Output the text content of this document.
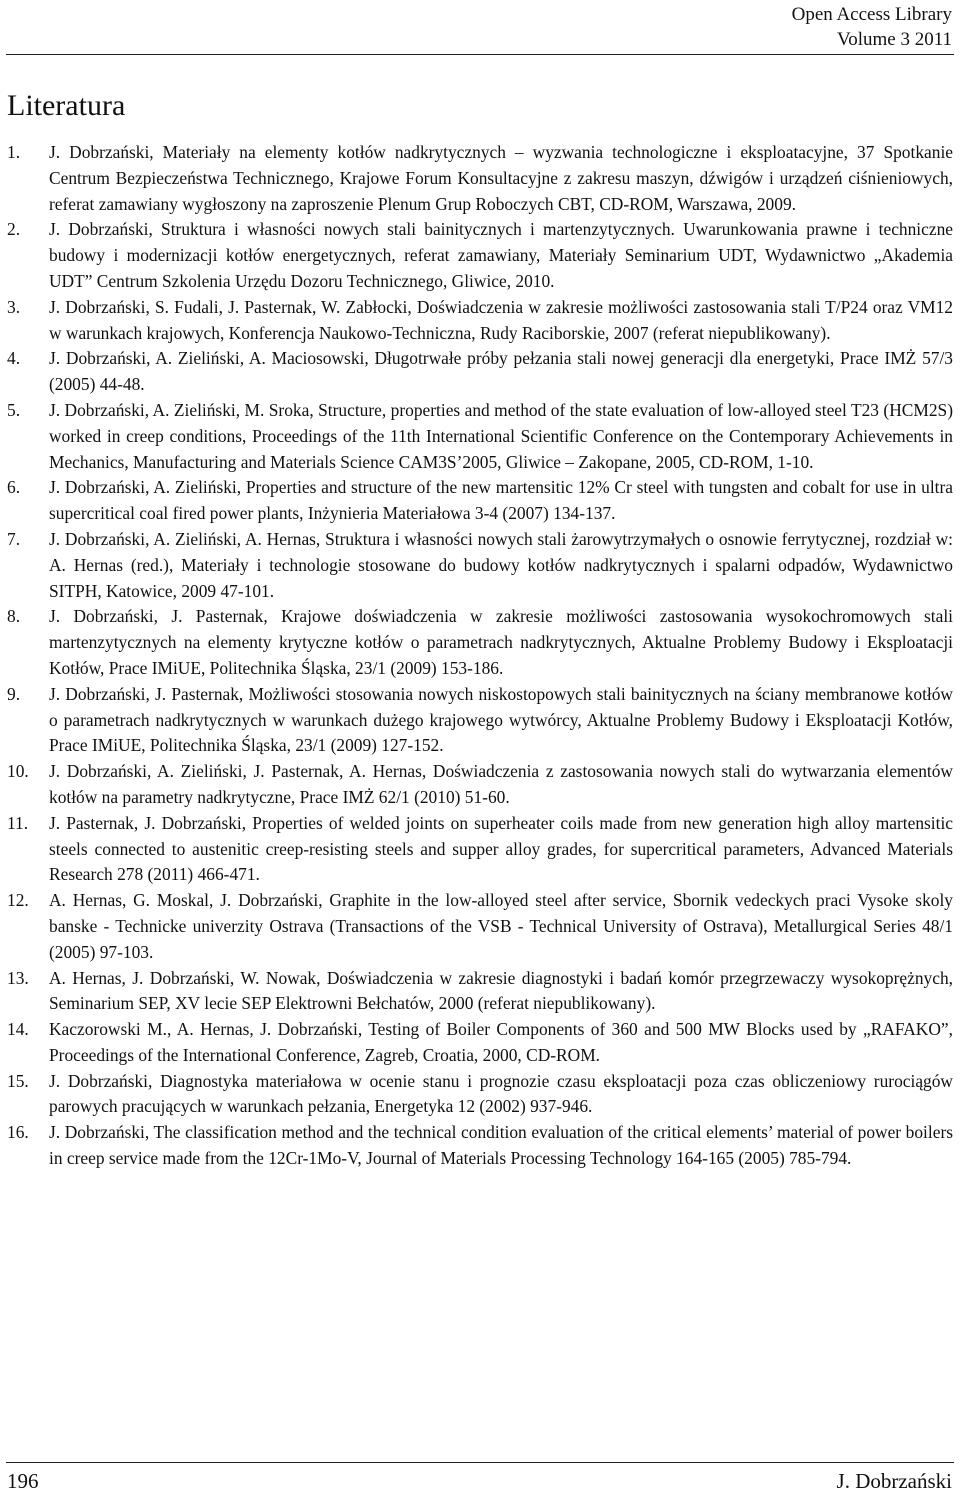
Open Access Library
Volume 3 2011
Literatura
1. J. Dobrzański, Materiały na elementy kotłów nadkrytycznych – wyzwania technologiczne i eksploatacyjne, 37 Spotkanie Centrum Bezpieczeństwa Technicznego, Krajowe Forum Konsultacyjne z zakresu maszyn, dźwigów i urządzeń ciśnieniowych, referat zamawiany wygłoszony na zaproszenie Plenum Grup Roboczych CBT, CD-ROM, Warszawa, 2009.
2. J. Dobrzański, Struktura i własności nowych stali bainitycznych i martenzytycznych. Uwarunkowania prawne i techniczne budowy i modernizacji kotłów energetycznych, referat zamawiany, Materiały Seminarium UDT, Wydawnictwo „Akademia UDT” Centrum Szkolenia Urzędu Dozoru Technicznego, Gliwice, 2010.
3. J. Dobrzański, S. Fudali, J. Pasternak, W. Zabłocki, Doświadczenia w zakresie możliwości zastosowania stali T/P24 oraz VM12 w warunkach krajowych, Konferencja Naukowo-Techniczna, Rudy Raciborskie, 2007 (referat niepublikowany).
4. J. Dobrzański, A. Zieliński, A. Maciosowski, Długotrwałe próby pełzania stali nowej generacji dla energetyki, Prace IMŻ 57/3 (2005) 44-48.
5. J. Dobrzański, A. Zieliński, M. Sroka, Structure, properties and method of the state evaluation of low-alloyed steel T23 (HCM2S) worked in creep conditions, Proceedings of the 11th International Scientific Conference on the Contemporary Achievements in Mechanics, Manufacturing and Materials Science CAM3S’2005, Gliwice – Zakopane, 2005, CD-ROM, 1-10.
6. J. Dobrzański, A. Zieliński, Properties and structure of the new martensitic 12% Cr steel with tungsten and cobalt for use in ultra supercritical coal fired power plants, Inżynieria Materiałowa 3-4 (2007) 134-137.
7. J. Dobrzański, A. Zieliński, A. Hernas, Struktura i własności nowych stali żarowytrzymałych o osnowie ferrytycznej, rozdział w: A. Hernas (red.), Materiały i technologie stosowane do budowy kotłów nadkrytycznych i spalarni odpadów, Wydawnictwo SITPH, Katowice, 2009 47-101.
8. J. Dobrzański, J. Pasternak, Krajowe doświadczenia w zakresie możliwości zastosowania wysokochromowych stali martenzytycznych na elementy krytyczne kotłów o parametrach nadkrytycznych, Aktualne Problemy Budowy i Eksploatacji Kotłów, Prace IMiUE, Politechnika Śląska, 23/1 (2009) 153-186.
9. J. Dobrzański, J. Pasternak, Możliwości stosowania nowych niskostopowych stali bainitycznych na ściany membranowe kotłów o parametrach nadkrytycznych w warunkach dużego krajowego wytwórcy, Aktualne Problemy Budowy i Eksploatacji Kotłów, Prace IMiUE, Politechnika Śląska, 23/1 (2009) 127-152.
10. J. Dobrzański, A. Zieliński, J. Pasternak, A. Hernas, Doświadczenia z zastosowania nowych stali do wytwarzania elementów kotłów na parametry nadkrytyczne, Prace IMŻ 62/1 (2010) 51-60.
11. J. Pasternak, J. Dobrzański, Properties of welded joints on superheater coils made from new generation high alloy martensitic steels connected to austenitic creep-resisting steels and supper alloy grades, for supercritical parameters, Advanced Materials Research 278 (2011) 466-471.
12. A. Hernas, G. Moskal, J. Dobrzański, Graphite in the low-alloyed steel after service, Sbornik vedeckych praci Vysoke skoly banske - Technicke univerzity Ostrava (Transactions of the VSB - Technical University of Ostrava), Metallurgical Series 48/1 (2005) 97-103.
13. A. Hernas, J. Dobrzański, W. Nowak, Doświadczenia w zakresie diagnostyki i badań komór przegrzewaczy wysokoprężnych, Seminarium SEP, XV lecie SEP Elektrowni Bełchatów, 2000 (referat niepublikowany).
14. Kaczorowski M., A. Hernas, J. Dobrzański, Testing of Boiler Components of 360 and 500 MW Blocks used by „RAFAKO”, Proceedings of the International Conference, Zagreb, Croatia, 2000, CD-ROM.
15. J. Dobrzański, Diagnostyka materiałowa w ocenie stanu i prognozie czasu eksploatacji poza czas obliczeniowy rurociągów parowych pracujących w warunkach pełzania, Energetyka 12 (2002) 937-946.
16. J. Dobrzański, The classification method and the technical condition evaluation of the critical elements’ material of power boilers in creep service made from the 12Cr-1Mo-V, Journal of Materials Processing Technology 164-165 (2005) 785-794.
196	J. Dobrzański
